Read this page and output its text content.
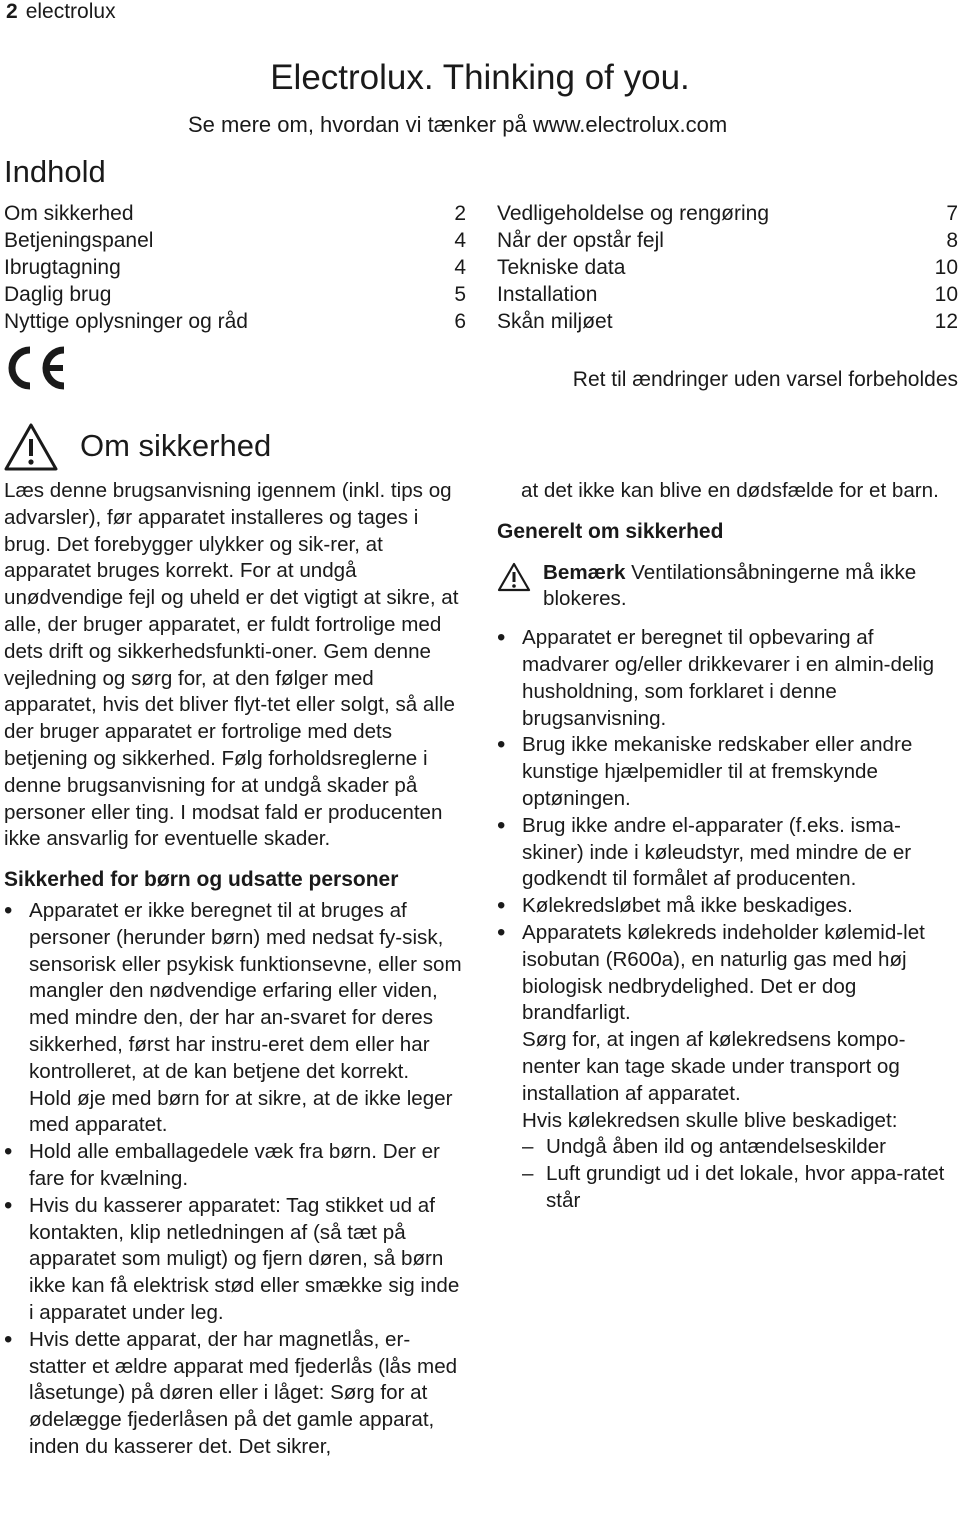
2 electrolux
Electrolux. Thinking of you.
Se mere om, hvordan vi tænker på www.electrolux.com
Indhold
Om sikkerhed	2
Betjeningspanel	4
Ibrugtagning	4
Daglig brug	5
Nyttige oplysninger og råd	6
Vedligeholdelse og rengøring	7
Når der opstår fejl	8
Tekniske data	10
Installation	10
Skån miljøet	12
Ret til ændringer uden varsel forbeholdes
Om sikkerhed

Læs denne brugsanvisning igennem (inkl. tips og advarsler), før apparatet installeres og tages i brug. Det forebygger ulykker og sik-rer, at apparatet bruges korrekt. For at undgå unødvendige fejl og uheld er det vigtigt at sikre, at alle, der bruger apparatet, er fuldt fortrolige med dets drift og sikkerhedsfunkti-oner. Gem denne vejledning og sørg for, at den følger med apparatet, hvis det bliver flyt-tet eller solgt, så alle der bruger apparatet er fortrolige med dets betjening og sikkerhed. Følg forholdsreglerne i denne brugsanvisning for at undgå skader på personer eller ting. I modsat fald er producenten ikke ansvarlig for eventuelle skader.

Sikkerhed for børn og udsatte personer

• Apparatet er ikke beregnet til at bruges af personer (herunder børn) med nedsat fy-sisk, sensorisk eller psykisk funktionsevne, eller som mangler den nødvendige erfaring eller viden, med mindre den, der har an-svaret for deres sikkerhed, først har instru-eret dem eller har kontrolleret, at de kan betjene det korrekt.
Hold øje med børn for at sikre, at de ikke leger med apparatet.
• Hold alle emballagedele væk fra børn. Der er fare for kvælning.
• Hvis du kasserer apparatet: Tag stikket ud af kontakten, klip netledningen af (så tæt på apparatet som muligt) og fjern døren, så børn ikke kan få elektrisk stød eller smække sig inde i apparatet under leg.
• Hvis dette apparat, der har magnetlås, er-statter et ældre apparat med fjederlås (lås med låsetunge) på døren eller i låget: Sørg for at ødelægge fjederlåsen på det gamle apparat, inden du kasserer det. Det sikrer,

at det ikke kan blive en dødsfælde for et barn.

Generelt om sikkerhed

Bemærk Ventilationsåbningerne må ikke blokeres.
• Apparatet er beregnet til opbevaring af madvarer og/eller drikkevarer i en almin-delig husholdning, som forklaret i denne brugsanvisning.
• Brug ikke mekaniske redskaber eller andre kunstige hjælpemidler til at fremskynde optøningen.
• Brug ikke andre el-apparater (f.eks. isma-skiner) inde i køleudstyr, med mindre de er godkendt til formålet af producenten.
• Kølekredsløbet må ikke beskadiges.
• Apparatets kølekreds indeholder kølemid-let isobutan (R600a), en naturlig gas med høj biologisk nedbrydelighed. Det er dog brandfarligt.

Sørg for, at ingen af kølekredsens kompo-nenter kan tage skade under transport og installation af apparatet.

Hvis kølekredsen skulle blive beskadiget:

– Undgå åben ild og antændelseskilder
– Luft grundigt ud i det lokale, hvor appa-ratet står
